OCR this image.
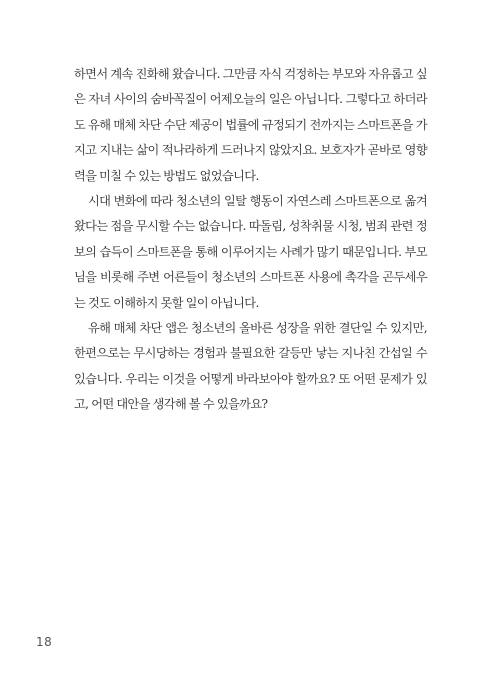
하면서 계속 진화해 왔습니다. 그만큼 자식 걱정하는 부모와 자유롭고 싶은 자녀 사이의 숨바꼭질이 어제오늘의 일은 아닙니다. 그렇다고 하더라도 유해 매체 차단 수단 제공이 법률에 규정되기 전까지는 스마트폰을 가지고 지내는 삶이 적나라하게 드러나지 않았지요. 보호자가 곧바로 영향력을 미칠 수 있는 방법도 없었습니다.

시대 변화에 따라 청소년의 일탈 행동이 자연스레 스마트폰으로 옮겨 왔다는 점을 무시할 수는 없습니다. 따돌림, 성착취물 시청, 범죄 관련 정보의 습득이 스마트폰을 통해 이루어지는 사례가 많기 때문입니다. 부모님을 비롯해 주변 어른들이 청소년의 스마트폰 사용에 촉각을 곤두세우는 것도 이해하지 못할 일이 아닙니다.

유해 매체 차단 앱은 청소년의 올바른 성장을 위한 결단일 수 있지만, 한편으로는 무시당하는 경험과 불필요한 갈등만 낳는 지나친 간섭일 수 있습니다. 우리는 이것을 어떻게 바라보아야 할까요? 또 어떤 문제가 있고, 어떤 대안을 생각해 볼 수 있을까요?

18
